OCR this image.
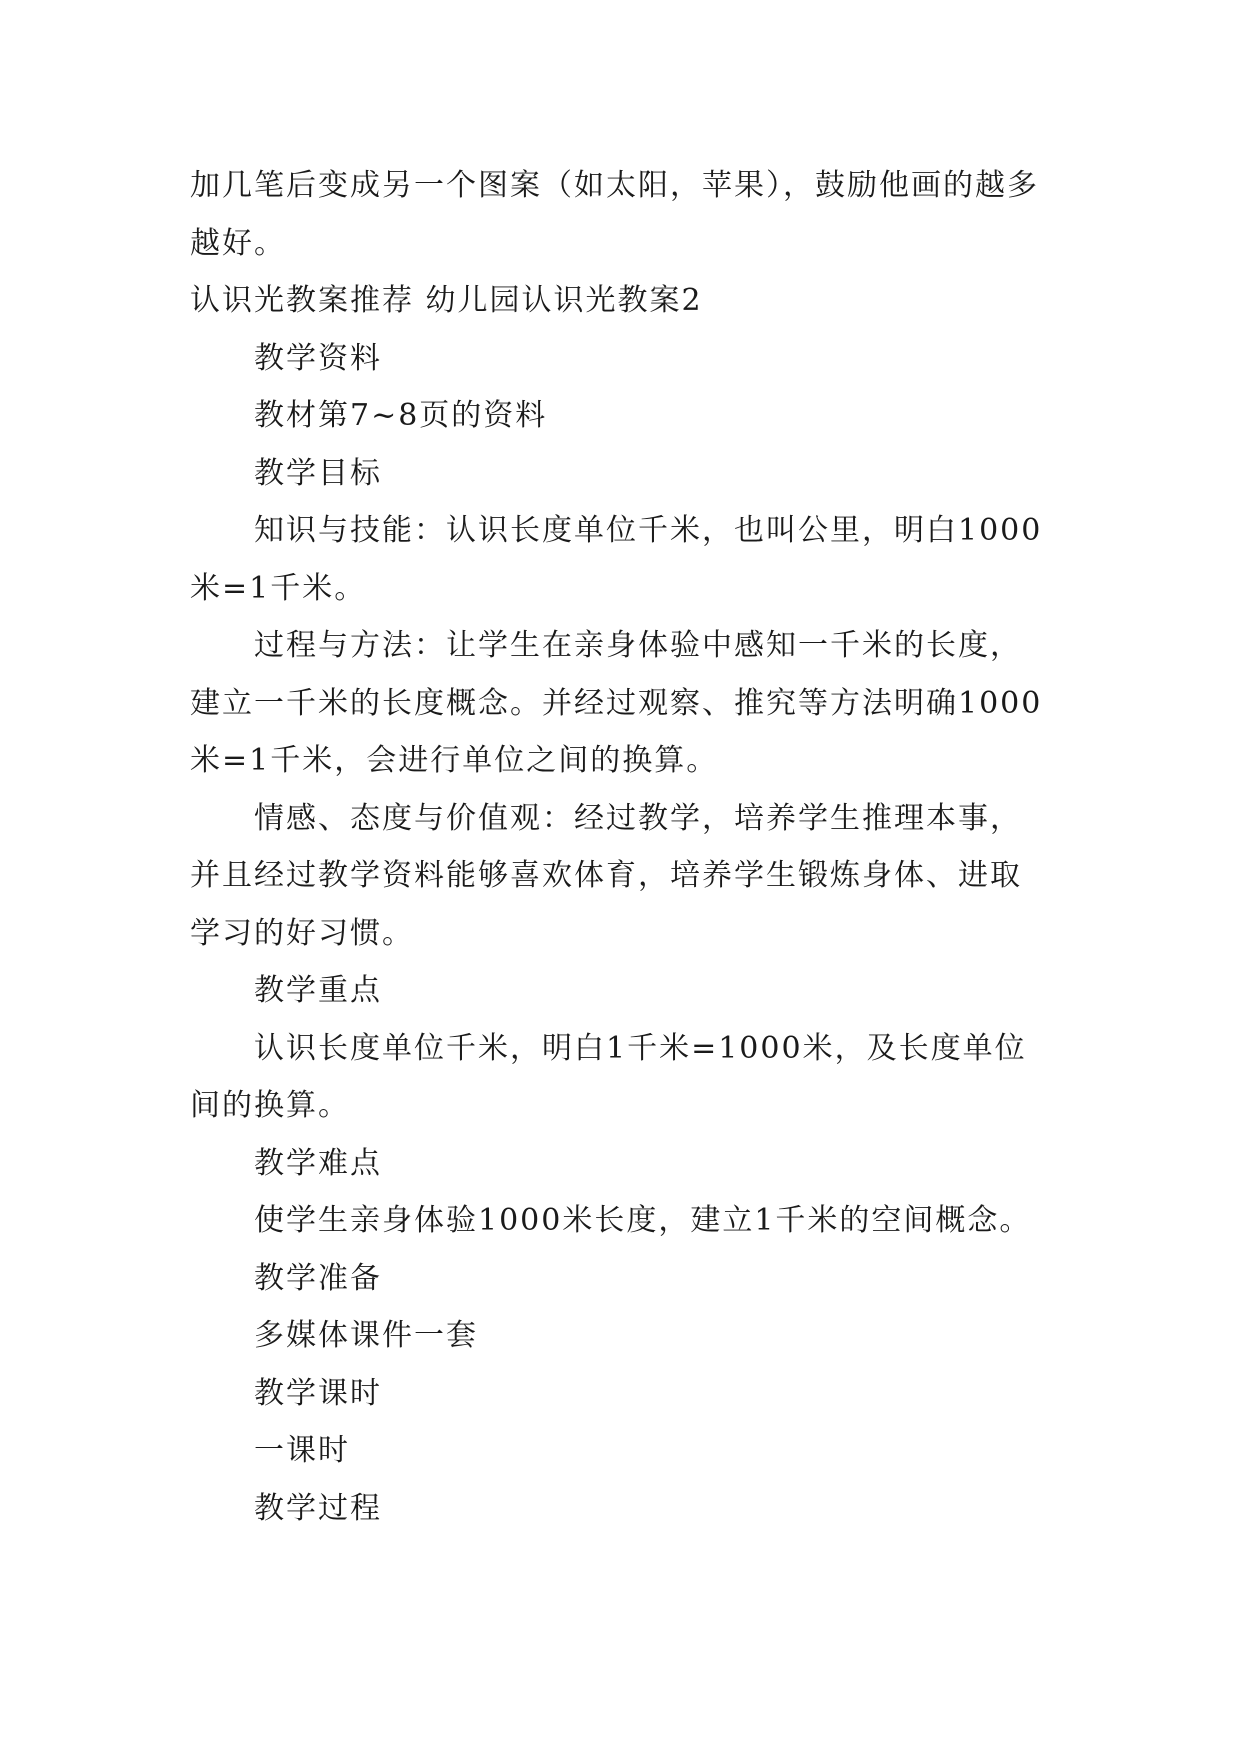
加几笔后变成另一个图案（如太阳，苹果），鼓励他画的越多越好。

认识光教案推荐 幼儿园认识光教案2

教学资料

教材第7~8页的资料

教学目标

知识与技能：认识长度单位千米，也叫公里，明白1000米=1千米。

过程与方法：让学生在亲身体验中感知一千米的长度，建立一千米的长度概念。并经过观察、推究等方法明确1000米=1千米，会进行单位之间的换算。

情感、态度与价值观：经过教学，培养学生推理本事，并且经过教学资料能够喜欢体育，培养学生锻炼身体、进取学习的好习惯。

教学重点

认识长度单位千米，明白1千米=1000米，及长度单位间的换算。

教学难点

使学生亲身体验1000米长度，建立1千米的空间概念。

教学准备

多媒体课件一套

教学课时

一课时

教学过程
